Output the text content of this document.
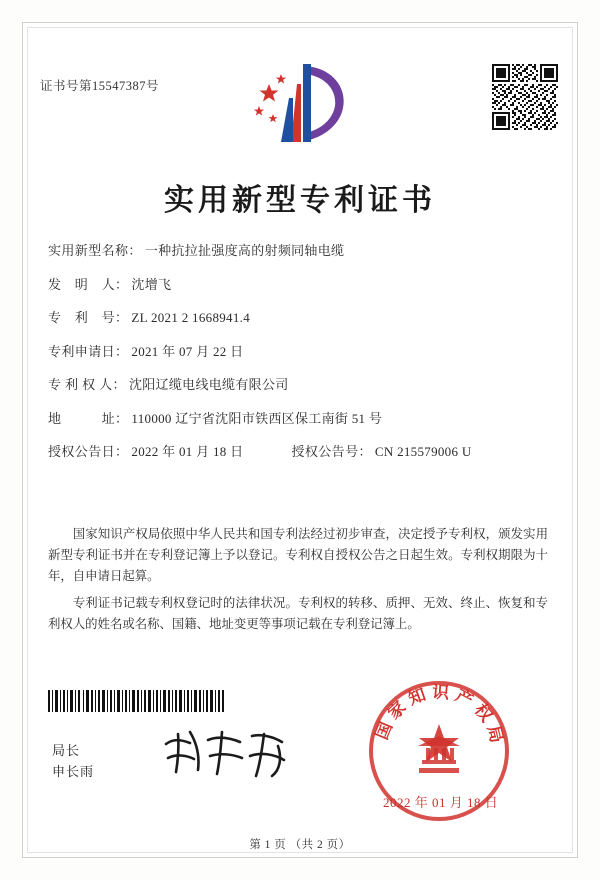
证书号第15547387号
实用新型专利证书
实用新型名称： 一种抗拉扯强度高的射频同轴电缆
发　明　人： 沈增飞
专　利　号： ZL 2021 2 1668941.4
专利申请日： 2021 年 07 月 22 日
专 利 权 人： 沈阳辽缆电线电缆有限公司
地　　　址： 110000 辽宁省沈阳市铁西区保工南街 51 号
授权公告日： 2022 年 01 月 18 日	授权公告号： CN 215579006 U

国家知识产权局依照中华人民共和国专利法经过初步审查，决定授予专利权，颁发实用新型专利证书并在专利登记簿上予以登记。专利权自授权公告之日起生效。专利权期限为十年，自申请日起算。

专利证书记载专利权登记时的法律状况。专利权的转移、质押、无效、终止、恢复和专利权人的姓名或名称、国籍、地址变更等事项记载在专利登记簿上。

国家知识产权局
局长
申长雨
2022 年 01 月 18 日
第 1 页 （共 2 页）
